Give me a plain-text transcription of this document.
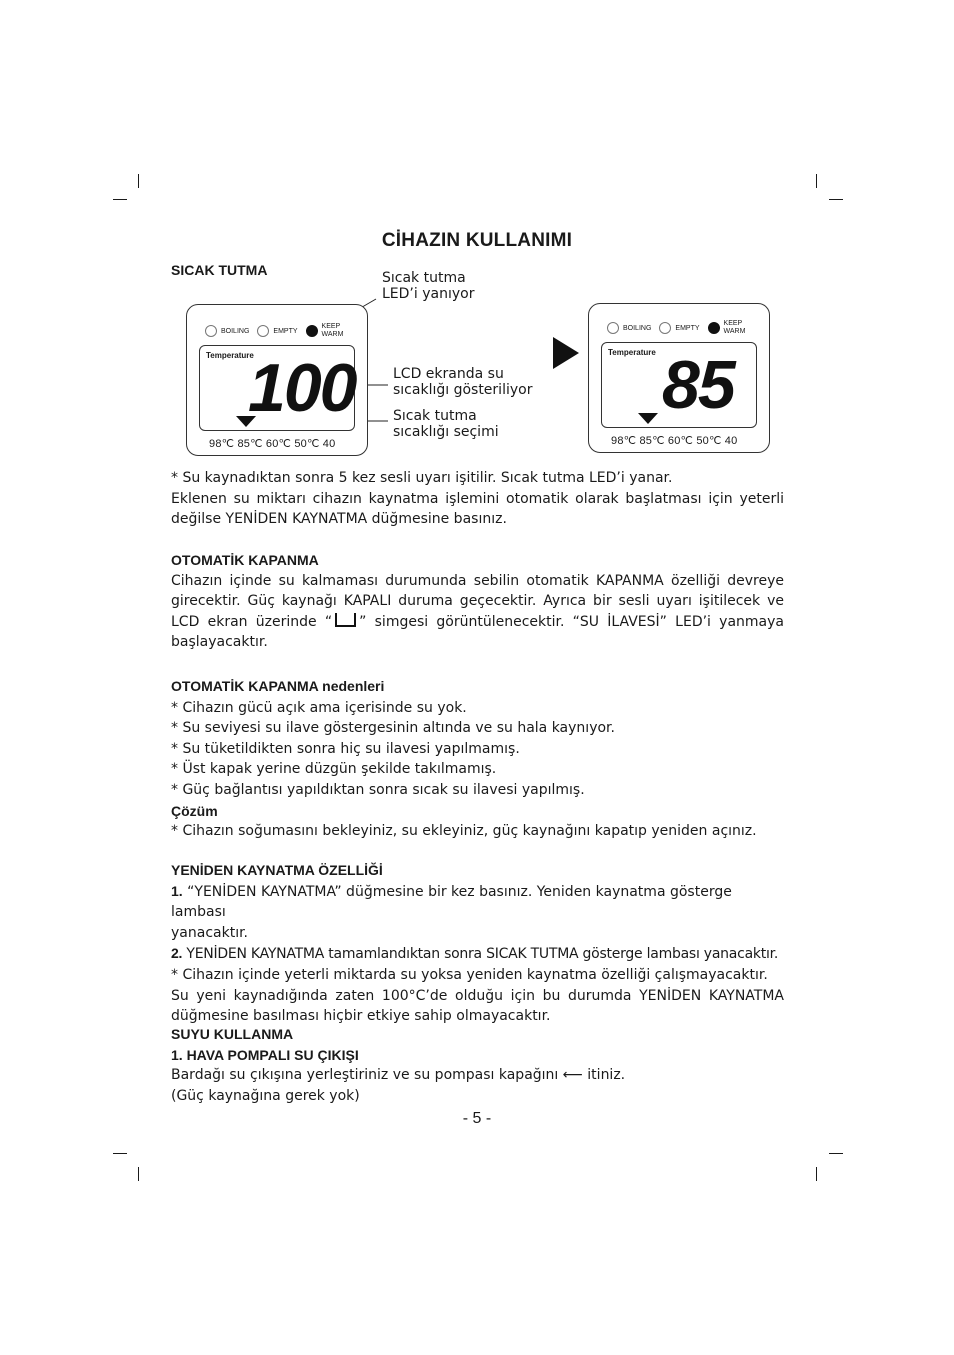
CİHAZIN KULLANIMI
SICAK TUTMA	Sıcak tutma
LED’i yanıyor
LCD ekranda su
sıcaklığı gösteriliyor
Sıcak tutma
sıcaklığı seçimi
BOILING	EMPTY
KEEP
WARM
Temperature
100
98℃ 85℃ 60℃ 50℃ 40
BOILING	EMPTY
KEEP
WARM
Temperature 85
98℃ 85℃ 60℃ 50℃ 40

* Su kaynadıktan sonra 5 kez sesli uyarı işitilir. Sıcak tutma LED’i yanar.

Eklenen su miktarı cihazın kaynatma işlemini otomatik olarak başlatması için yeterli

değilse YENİDEN KAYNATMA düğmesine basınız.

OTOMATİK KAPANMA

Cihazın içinde su kalmaması durumunda sebilin otomatik KAPANMA özelliği devreye

girecektir. Güç kaynağı KAPALI duruma geçecektir. Ayrıca bir sesli uyarı işitilecek ve

LCD ekran üzerinde “ ” simgesi görüntülenecektir. “SU İLAVESİ” LED’i yanmaya

başlayacaktır.

OTOMATİK KAPANMA nedenleri

* Cihazın gücü açık ama içerisinde su yok.

* Su seviyesi su ilave göstergesinin altında ve su hala kaynıyor.

* Su tüketildikten sonra hiç su ilavesi yapılmamış.

* Üst kapak yerine düzgün şekilde takılmamış.

* Güç bağlantısı yapıldıktan sonra sıcak su ilavesi yapılmış.

Çözüm

* Cihazın soğumasını bekleyiniz, su ekleyiniz, güç kaynağını kapatıp yeniden açınız.

YENİDEN KAYNATMA ÖZELLİĞİ

1. “YENİDEN KAYNATMA” düğmesine bir kez basınız. Yeniden kaynatma gösterge lambası

yanacaktır.

2. YENİDEN KAYNATMA tamamlandıktan sonra SICAK TUTMA gösterge lambası yanacaktır.

* Cihazın içinde yeterli miktarda su yoksa yeniden kaynatma özelliği çalışmayacaktır.

Su yeni kaynadığında zaten 100°C’de olduğu için bu durumda YENİDEN KAYNATMA

düğmesine basılması hiçbir etkiye sahip olmayacaktır.

SUYU KULLANMA

1. HAVA POMPALI SU ÇIKIŞI

Bardağı su çıkışına yerleştiriniz ve su pompası kapağını ⟵ itiniz.

(Güç kaynağına gerek yok)

- 5 -
